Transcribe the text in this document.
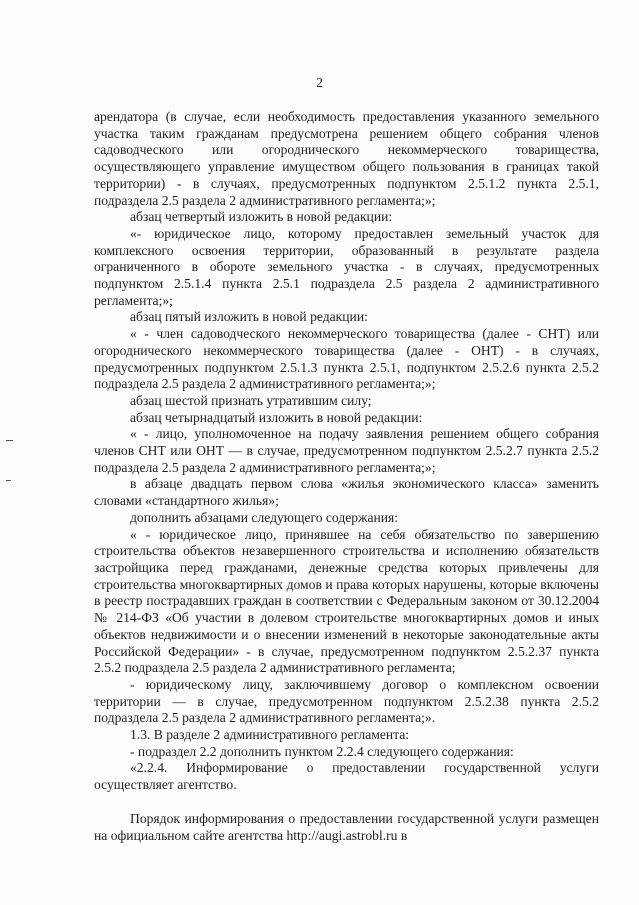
2

арендатора (в случае, если необходимость предоставления указанного земельного участка таким гражданам предусмотрена решением общего собрания членов садоводческого или огороднического некоммерческого товарищества, осуществляющего управление имуществом общего пользования в границах такой территории) - в случаях, предусмотренных подпунктом 2.5.1.2 пункта 2.5.1, подраздела 2.5 раздела 2 административного регламента;»;

абзац четвертый изложить в новой редакции:

«- юридическое лицо, которому предоставлен земельный участок для комплексного освоения территории, образованный в результате раздела ограниченного в обороте земельного участка - в случаях, предусмотренных подпунктом 2.5.1.4 пункта 2.5.1 подраздела 2.5 раздела 2 административного регламента;»;

абзац пятый изложить в новой редакции:

« - член садоводческого некоммерческого товарищества (далее - СНТ) или огороднического некоммерческого товарищества (далее - ОНТ) - в случаях, предусмотренных подпунктом 2.5.1.3 пункта 2.5.1, подпунктом 2.5.2.6 пункта 2.5.2 подраздела 2.5 раздела 2 административного регламента;»;

абзац шестой признать утратившим силу;

абзац четырнадцатый изложить в новой редакции:

« - лицо, уполномоченное на подачу заявления решением общего собрания членов СНТ или ОНТ — в случае, предусмотренном подпунктом 2.5.2.7 пункта 2.5.2 подраздела 2.5 раздела 2 административного регламента;»;

в абзаце двадцать первом слова «жилья экономического класса» заменить словами «стандартного жилья»;

дополнить абзацами следующего содержания:

« - юридическое лицо, принявшее на себя обязательство по завершению строительства объектов незавершенного строительства и исполнению обязательств застройщика перед гражданами, денежные средства которых привлечены для строительства многоквартирных домов и права которых нарушены, которые включены в реестр пострадавших граждан в соответствии с Федеральным законом от 30.12.2004 № 214-ФЗ «Об участии в долевом строительстве многоквартирных домов и иных объектов недвижимости и о внесении изменений в некоторые законодательные акты Российской Федерации» - в случае, предусмотренном подпунктом 2.5.2.37 пункта 2.5.2 подраздела 2.5 раздела 2 административного регламента;

- юридическому лицу, заключившему договор о комплексном освоении территории — в случае, предусмотренном подпунктом 2.5.2.38 пункта 2.5.2 подраздела 2.5 раздела 2 административного регламента;».

1.3. В разделе 2 административного регламента:

- подраздел 2.2 дополнить пунктом 2.2.4 следующего содержания:

«2.2.4. Информирование о предоставлении государственной услуги осуществляет агентство.

Порядок информирования о предоставлении государственной услуги размещен на официальном сайте агентства http://augi.astrobl.ru в
